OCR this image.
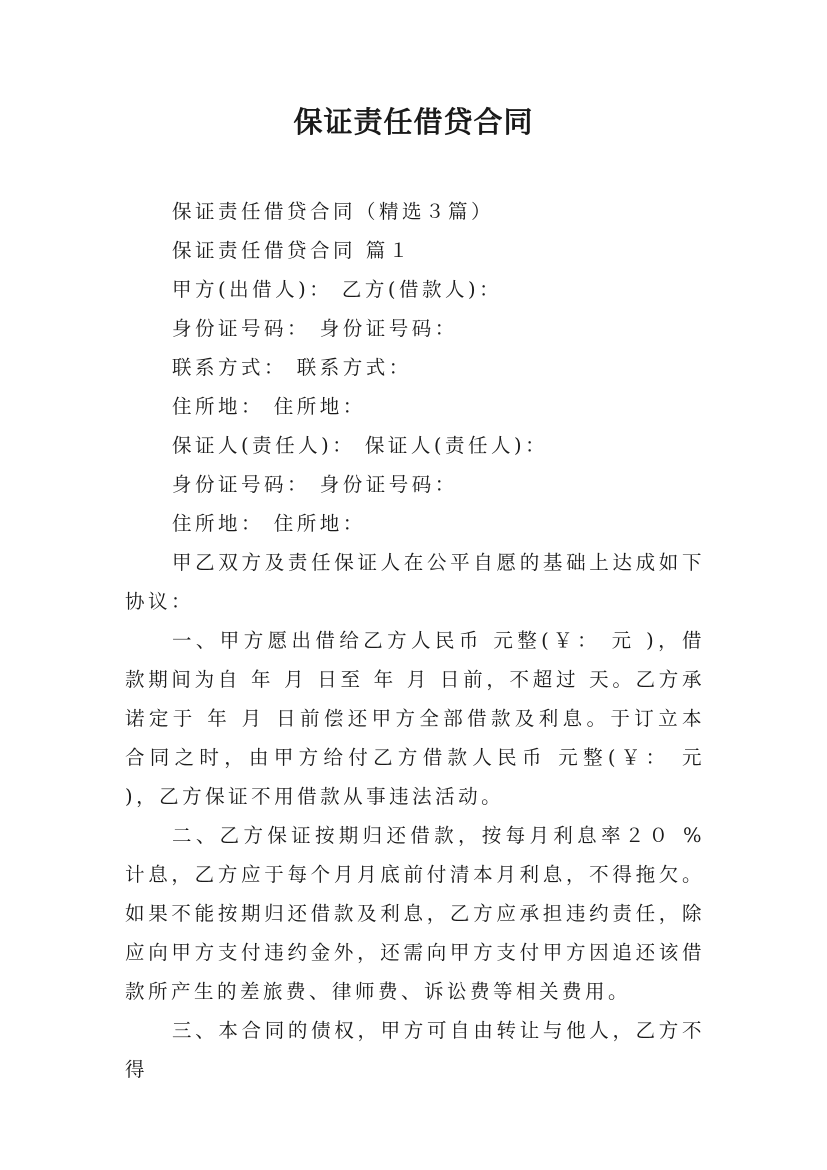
保证责任借贷合同

保证责任借贷合同（精选３篇）

保证责任借贷合同 篇１

甲方(出借人)： 乙方(借款人)：

身份证号码： 身份证号码：

联系方式： 联系方式：

住所地： 住所地：

保证人(责任人)： 保证人(责任人)：

身份证号码： 身份证号码：

住所地： 住所地：

甲乙双方及责任保证人在公平自愿的基础上达成如下协议：

一、甲方愿出借给乙方人民币 元整(￥： 元 )，借款期间为自 年 月 日至 年 月 日前，不超过 天。乙方承诺定于 年 月 日前偿还甲方全部借款及利息。于订立本合同之时，由甲方给付乙方借款人民币 元整(￥： 元 )，乙方保证不用借款从事违法活动。

二、乙方保证按期归还借款，按每月利息率２０ %计息，乙方应于每个月月底前付清本月利息，不得拖欠。如果不能按期归还借款及利息，乙方应承担违约责任，除应向甲方支付违约金外，还需向甲方支付甲方因追还该借款所产生的差旅费、律师费、诉讼费等相关费用。

三、本合同的债权，甲方可自由转让与他人，乙方不得
